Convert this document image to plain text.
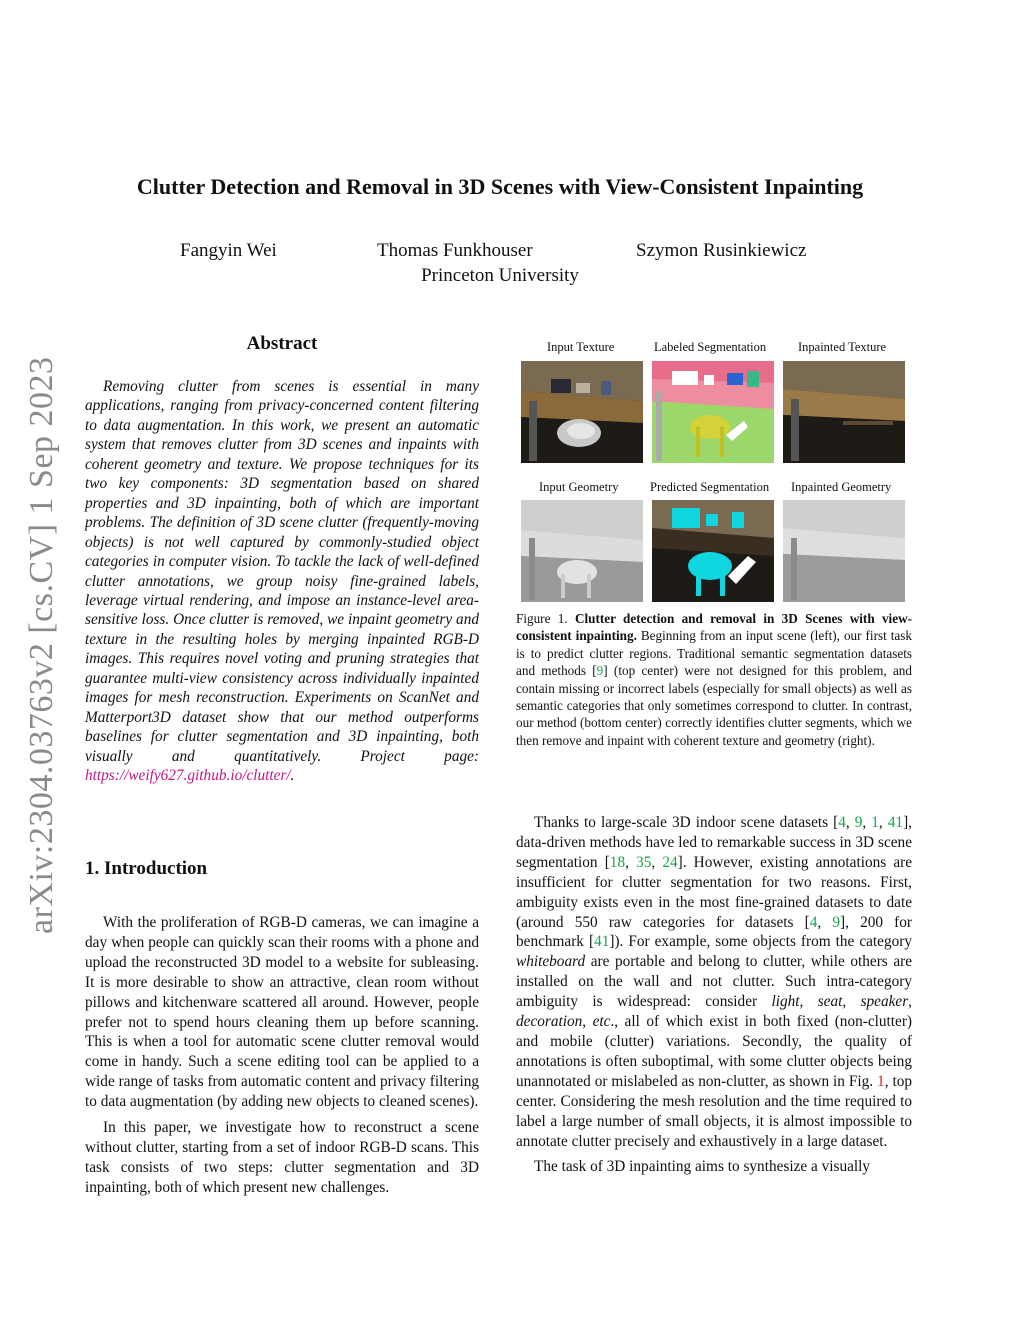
arXiv:2304.03763v2 [cs.CV] 1 Sep 2023
Clutter Detection and Removal in 3D Scenes with View-Consistent Inpainting
Fangyin Wei	Thomas Funkhouser	Szymon Rusinkiewicz
Princeton University
Abstract
Removing clutter from scenes is essential in many applications, ranging from privacy-concerned content filtering to data augmentation. In this work, we present an automatic system that removes clutter from 3D scenes and inpaints with coherent geometry and texture. We propose techniques for its two key components: 3D segmentation based on shared properties and 3D inpainting, both of which are important problems. The definition of 3D scene clutter (frequently-moving objects) is not well captured by commonly-studied object categories in computer vision. To tackle the lack of well-defined clutter annotations, we group noisy fine-grained labels, leverage virtual rendering, and impose an instance-level area-sensitive loss. Once clutter is removed, we inpaint geometry and texture in the resulting holes by merging inpainted RGB-D images. This requires novel voting and pruning strategies that guarantee multi-view consistency across individually inpainted images for mesh reconstruction. Experiments on ScanNet and Matterport3D dataset show that our method outperforms baselines for clutter segmentation and 3D inpainting, both visually and quantitatively. Project page: https://weify627.github.io/clutter/.
1. Introduction

With the proliferation of RGB-D cameras, we can imagine a day when people can quickly scan their rooms with a phone and upload the reconstructed 3D model to a website for subleasing. It is more desirable to show an attractive, clean room without pillows and kitchenware scattered all around. However, people prefer not to spend hours cleaning them up before scanning. This is when a tool for automatic scene clutter removal would come in handy. Such a scene editing tool can be applied to a wide range of tasks from automatic content and privacy filtering to data augmentation (by adding new objects to cleaned scenes).

In this paper, we investigate how to reconstruct a scene without clutter, starting from a set of indoor RGB-D scans. This task consists of two steps: clutter segmentation and 3D inpainting, both of which present new challenges.

Input Texture	Labeled Segmentation	Inpainted Texture
Input Geometry	Predicted Segmentation Inpainted Geometry
Figure 1. Clutter detection and removal in 3D Scenes with view-consistent inpainting. Beginning from an input scene (left), our first task is to predict clutter regions. Traditional semantic segmentation datasets and methods [9] (top center) were not designed for this problem, and contain missing or incorrect labels (especially for small objects) as well as semantic categories that only sometimes correspond to clutter. In contrast, our method (bottom center) correctly identifies clutter segments, which we then remove and inpaint with coherent texture and geometry (right).

Thanks to large-scale 3D indoor scene datasets [4, 9, 1, 41], data-driven methods have led to remarkable success in 3D scene segmentation [18, 35, 24]. However, existing annotations are insufficient for clutter segmentation for two reasons. First, ambiguity exists even in the most fine-grained datasets to date (around 550 raw categories for datasets [4, 9], 200 for benchmark [41]). For example, some objects from the category whiteboard are portable and belong to clutter, while others are installed on the wall and not clutter. Such intra-category ambiguity is widespread: consider light, seat, speaker, decoration, etc., all of which exist in both fixed (non-clutter) and mobile (clutter) variations. Secondly, the quality of annotations is often suboptimal, with some clutter objects being unannotated or mislabeled as non-clutter, as shown in Fig. 1, top center. Considering the mesh resolution and the time required to label a large number of small objects, it is almost impossible to annotate clutter precisely and exhaustively in a large dataset.

The task of 3D inpainting aims to synthesize a visually
